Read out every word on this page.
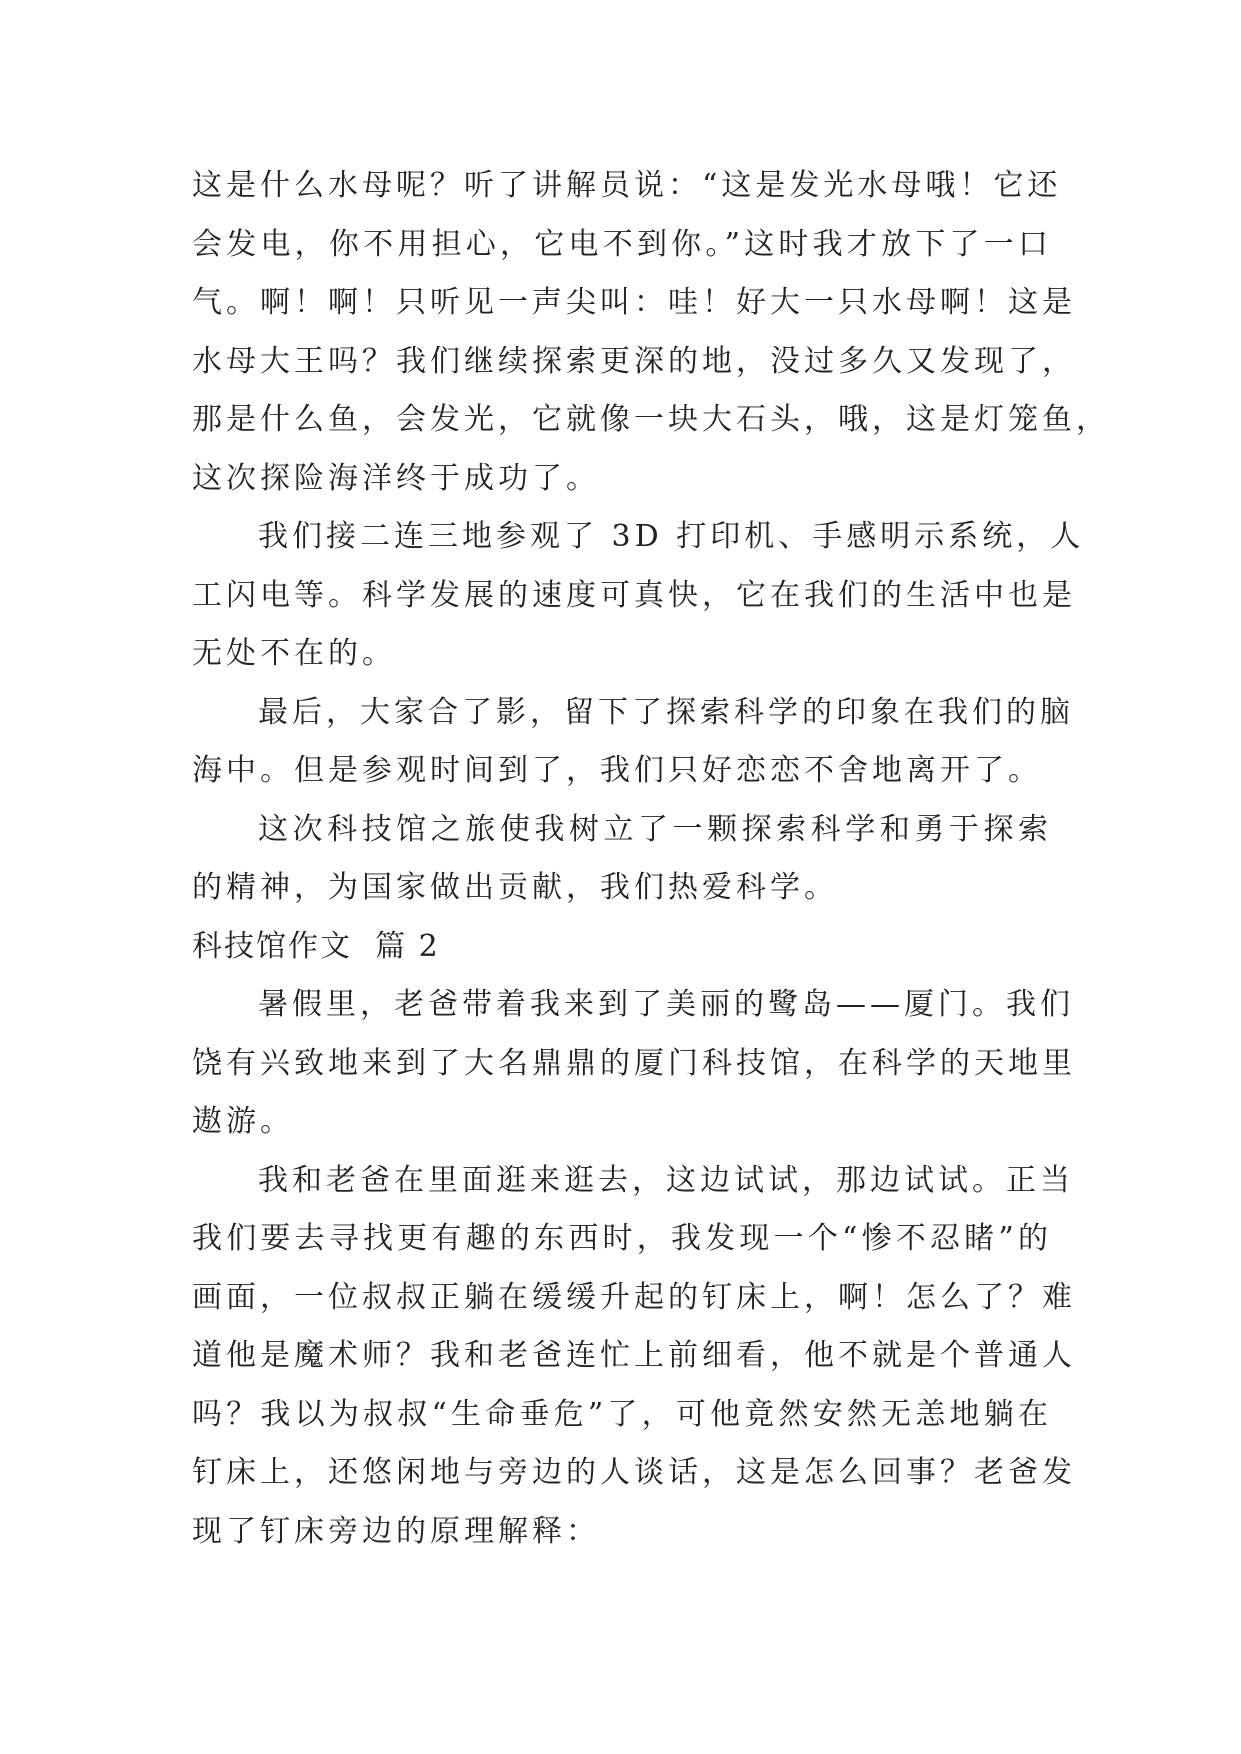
这是什么水母呢？听了讲解员说：“这是发光水母哦！它还
会发电，你不用担心，它电不到你。”这时我才放下了一口
气。啊！啊！只听见一声尖叫：哇！好大一只水母啊！这是
水母大王吗？我们继续探索更深的地，没过多久又发现了，
那是什么鱼，会发光，它就像一块大石头，哦，这是灯笼鱼，
这次探险海洋终于成功了。
我们接二连三地参观了 3D 打印机、手感明示系统，人
工闪电等。科学发展的速度可真快，它在我们的生活中也是
无处不在的。
最后，大家合了影，留下了探索科学的印象在我们的脑
海中。但是参观时间到了，我们只好恋恋不舍地离开了。
这次科技馆之旅使我树立了一颗探索科学和勇于探索
的精神，为国家做出贡献，我们热爱科学。
科技馆作文  篇 2
暑假里，老爸带着我来到了美丽的鹭岛——厦门。我们
饶有兴致地来到了大名鼎鼎的厦门科技馆，在科学的天地里
遨游。
我和老爸在里面逛来逛去，这边试试，那边试试。正当
我们要去寻找更有趣的东西时，我发现一个“惨不忍睹”的
画面，一位叔叔正躺在缓缓升起的钉床上，啊！怎么了？难
道他是魔术师？我和老爸连忙上前细看，他不就是个普通人
吗？我以为叔叔“生命垂危”了，可他竟然安然无恙地躺在
钉床上，还悠闲地与旁边的人谈话，这是怎么回事？老爸发
现了钉床旁边的原理解释：
